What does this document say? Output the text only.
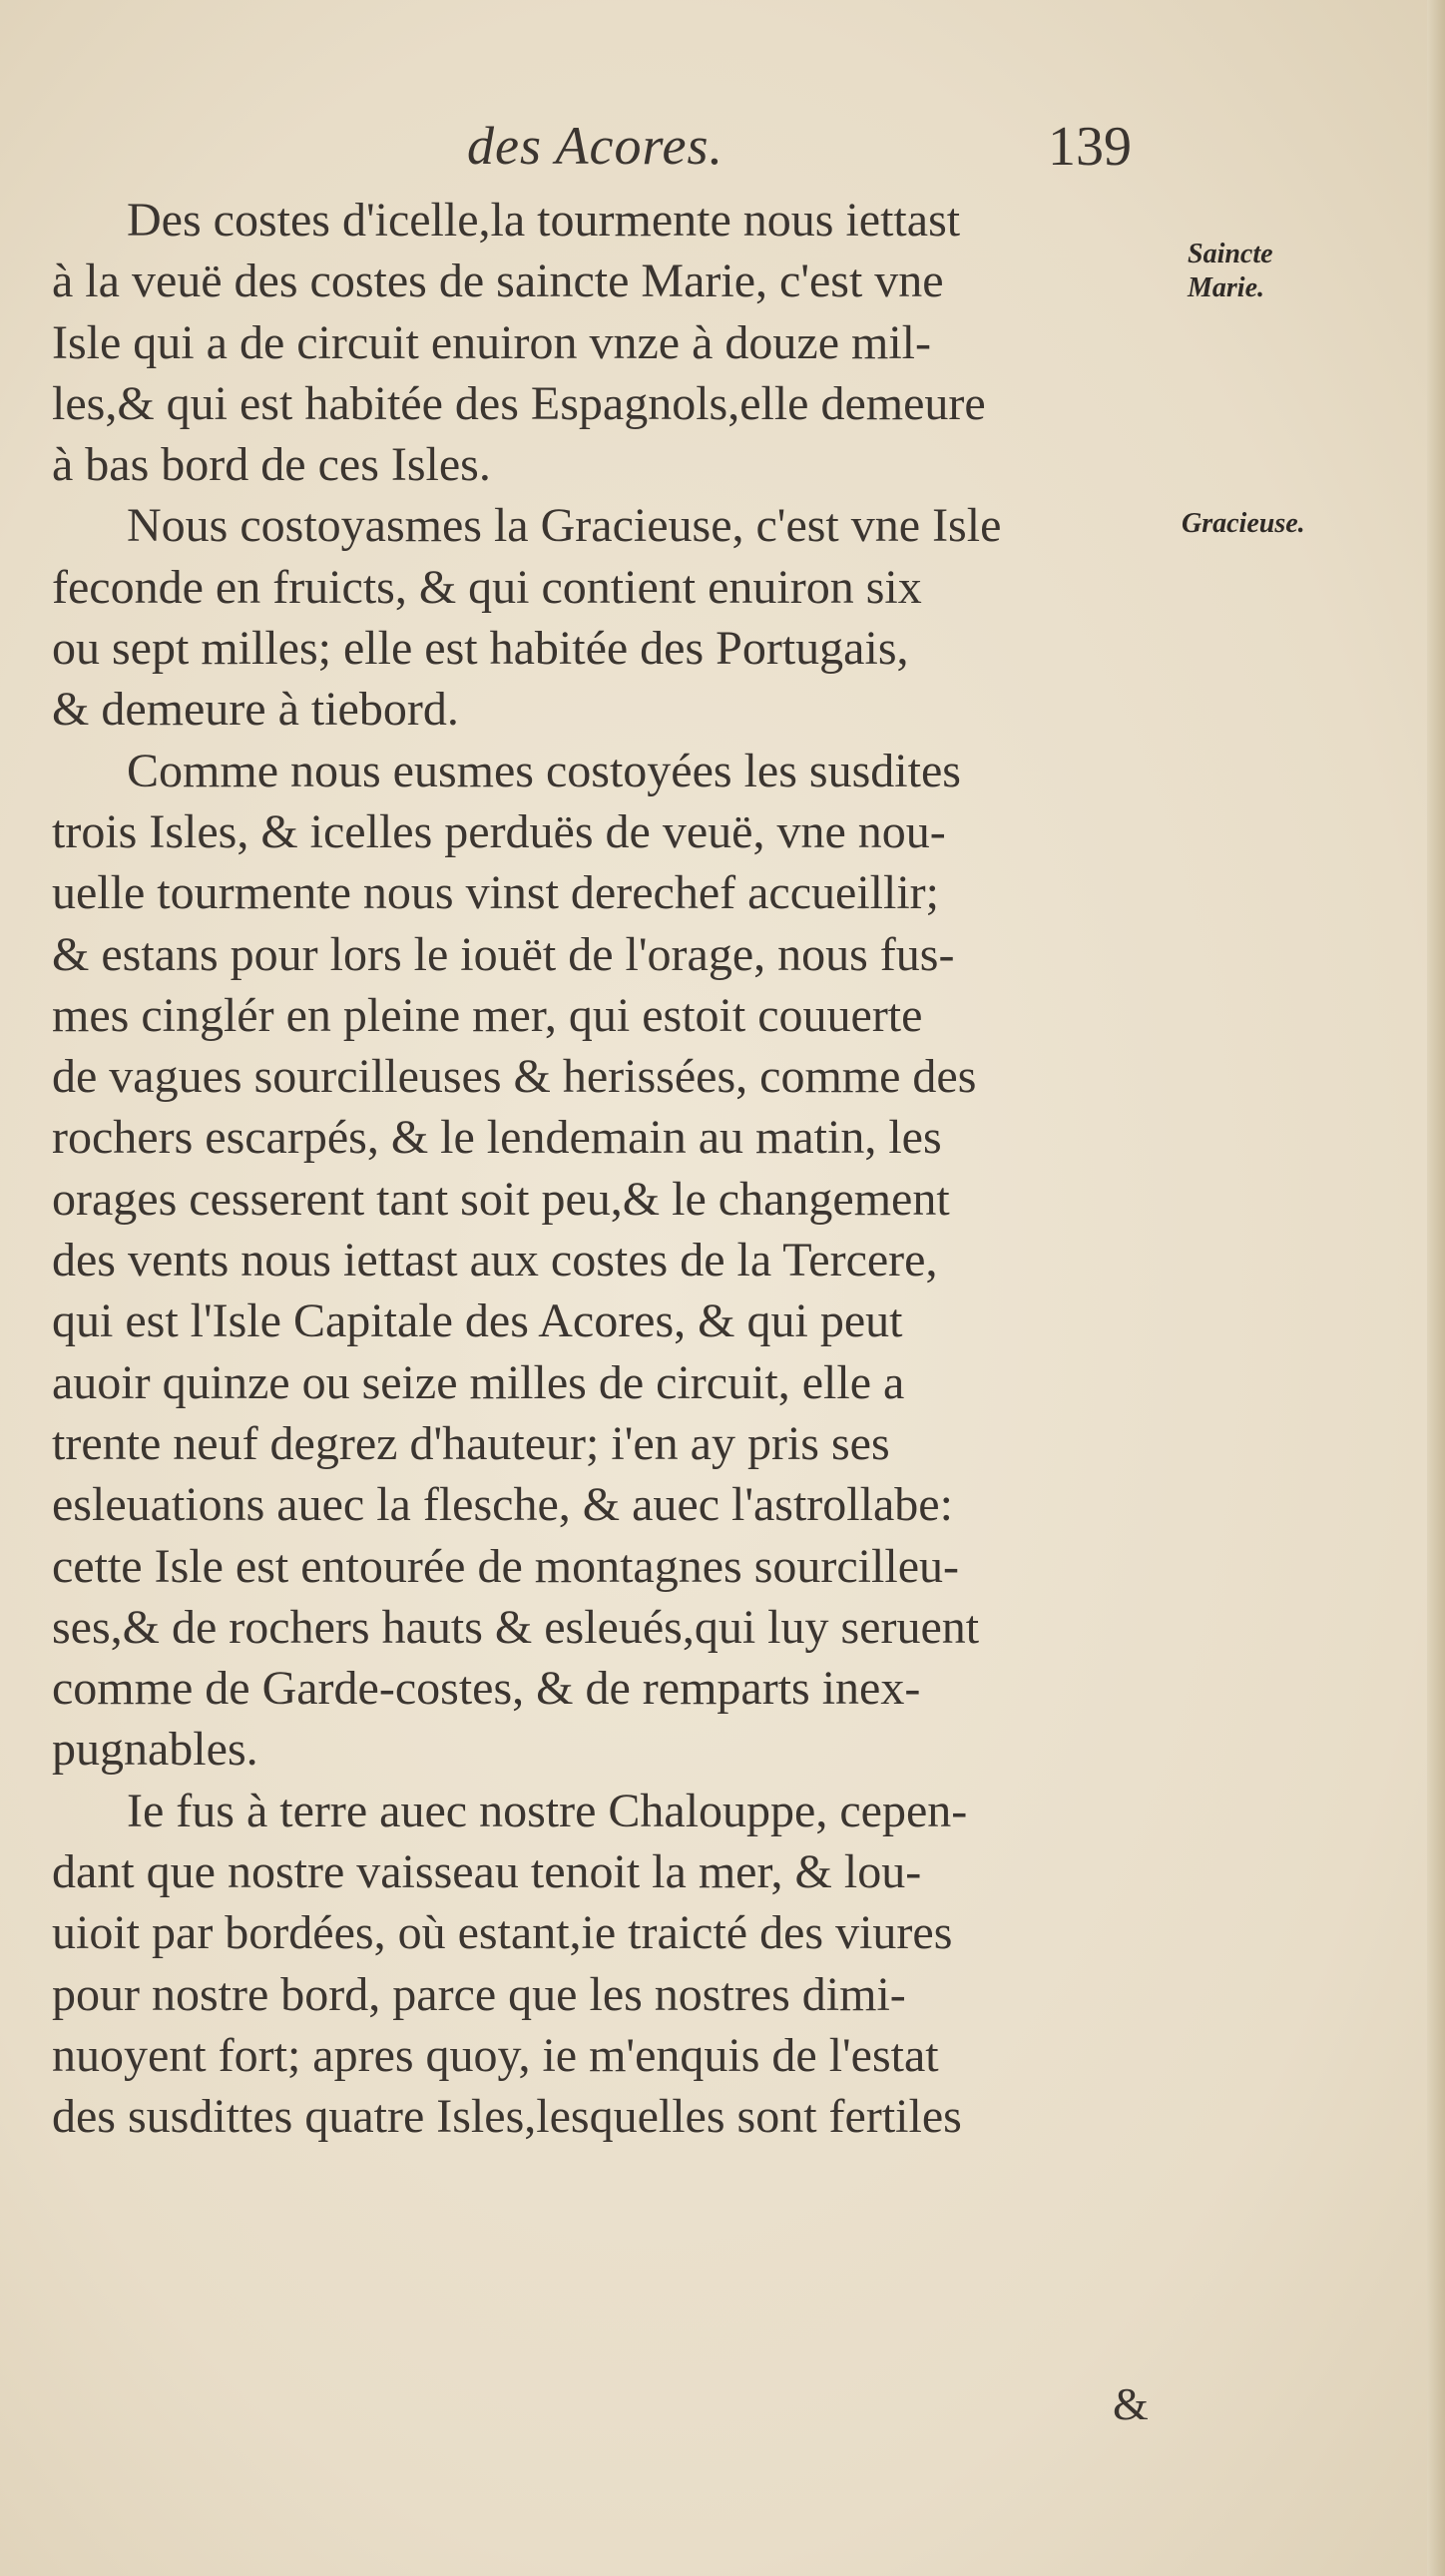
des Acores.	139
Des costes d'icelle,la tourmente nous iettast
à la veuë des costes de saincte Marie, c'est vne
Isle qui a de circuit enuiron vnze à douze mil-
les,& qui est habitée des Espagnols,elle demeure
à bas bord de ces Isles.
Nous costoyasmes la Gracieuse, c'est vne Isle
feconde en fruicts, & qui contient enuiron six
ou sept milles; elle est habitée des Portugais,
& demeure à tiebord.
Comme nous eusmes costoyées les susdites
trois Isles, & icelles perduës de veuë, vne nou-
uelle tourmente nous vinst derechef accueillir;
& estans pour lors le iouët de l'orage, nous fus-
mes cinglér en pleine mer, qui estoit couuerte
de vagues sourcilleuses & herissées, comme des
rochers escarpés, & le lendemain au matin, les
orages cesserent tant soit peu,& le changement
des vents nous iettast aux costes de la Tercere,
qui est l'Isle Capitale des Acores, & qui peut
auoir quinze ou seize milles de circuit, elle a
trente neuf degrez d'hauteur; i'en ay pris ses
esleuations auec la flesche, & auec l'astrollabe:
cette Isle est entourée de montagnes sourcilleu-
ses,& de rochers hauts & esleués,qui luy seruent
comme de Garde-costes, & de remparts inex-
pugnables.
Ie fus à terre auec nostre Chalouppe, cepen-
dant que nostre vaisseau tenoit la mer, & lou-
uioit par bordées, où estant,ie traicté des viures
pour nostre bord, parce que les nostres dimi-
nuoyent fort; apres quoy, ie m'enquis de l'estat
des susdittes quatre Isles,lesquelles sont fertiles
Saincte Marie.
Gracieuse.
&
